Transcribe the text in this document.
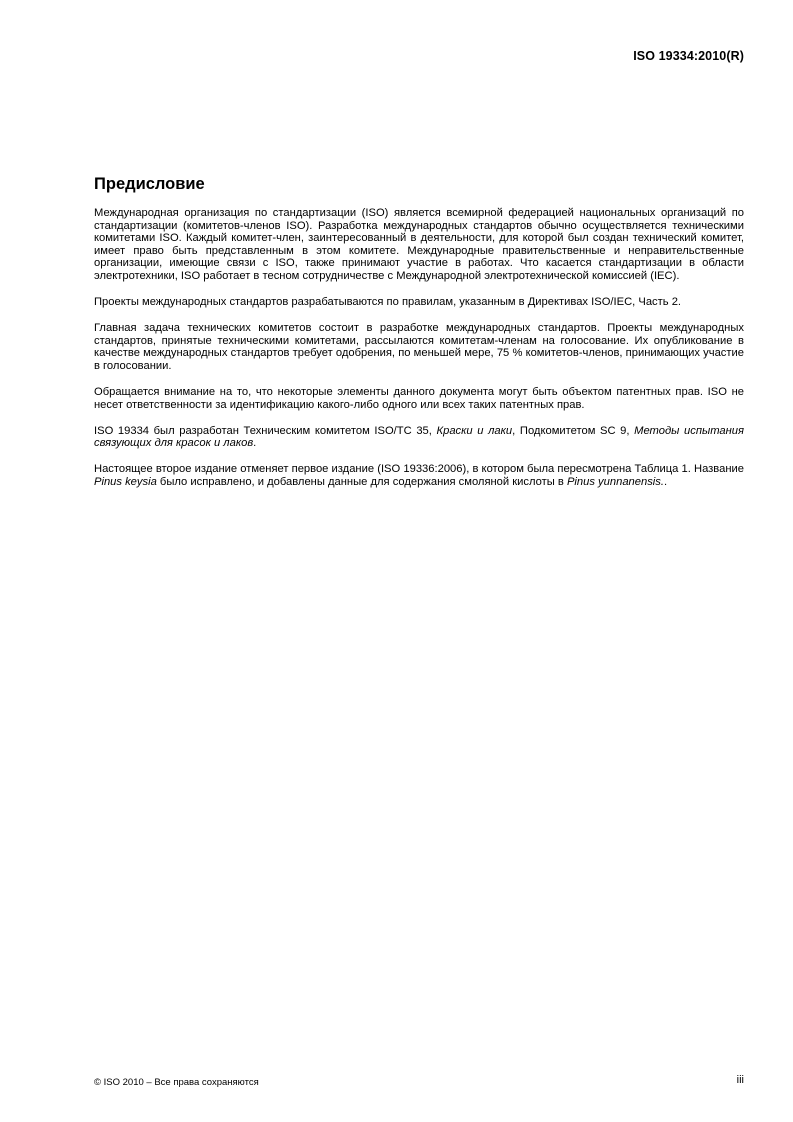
ISO 19334:2010(R)
Предисловие

Международная организация по стандартизации (ISO) является всемирной федерацией национальных организаций по стандартизации (комитетов-членов ISO). Разработка международных стандартов обычно осуществляется техническими комитетами ISO. Каждый комитет-член, заинтересованный в деятельности, для которой был создан технический комитет, имеет право быть представленным в этом комитете. Международные правительственные и неправительственные организации, имеющие связи с ISO, также принимают участие в работах. Что касается стандартизации в области электротехники, ISO работает в тесном сотрудничестве с Международной электротехнической комиссией (IEC).

Проекты международных стандартов разрабатываются по правилам, указанным в Директивах ISO/IEC, Часть 2.

Главная задача технических комитетов состоит в разработке международных стандартов. Проекты международных стандартов, принятые техническими комитетами, рассылаются комитетам-членам на голосование. Их опубликование в качестве международных стандартов требует одобрения, по меньшей мере, 75 % комитетов-членов, принимающих участие в голосовании.

Обращается внимание на то, что некоторые элементы данного документа могут быть объектом патентных прав. ISO не несет ответственности за идентификацию какого-либо одного или всех таких патентных прав.

ISO 19334 был разработан Техническим комитетом ISO/TC 35, Краски и лаки, Подкомитетом SC 9, Методы испытания связующих для красок и лаков.

Настоящее второе издание отменяет первое издание (ISO 19336:2006), в котором была пересмотрена Таблица 1. Название Pinus keysia было исправлено, и добавлены данные для содержания смоляной кислоты в Pinus yunnanensis..

© ISO 2010 – Все права сохраняются	iii
